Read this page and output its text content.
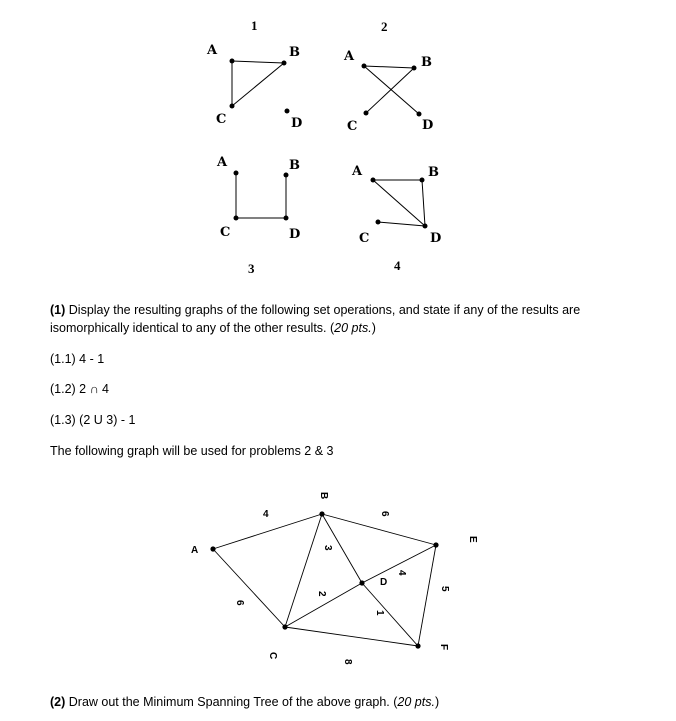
1
A	B
C	D
2
A	B
C	D
A	B
C	D
3
A	B
C	D
4
A
B
C
D
E
F
4
6
3
2
6
4
1
5
8
(1) Display the resulting graphs of the following set operations, and state if any of the results are
isomorphically identical to any of the other results. (20 pts.)
(1.1) 4 - 1
(1.2) 2 ∩ 4
(1.3) (2 U 3) - 1
The following graph will be used for problems 2 & 3
(2) Draw out the Minimum Spanning Tree of the above graph. (20 pts.)
